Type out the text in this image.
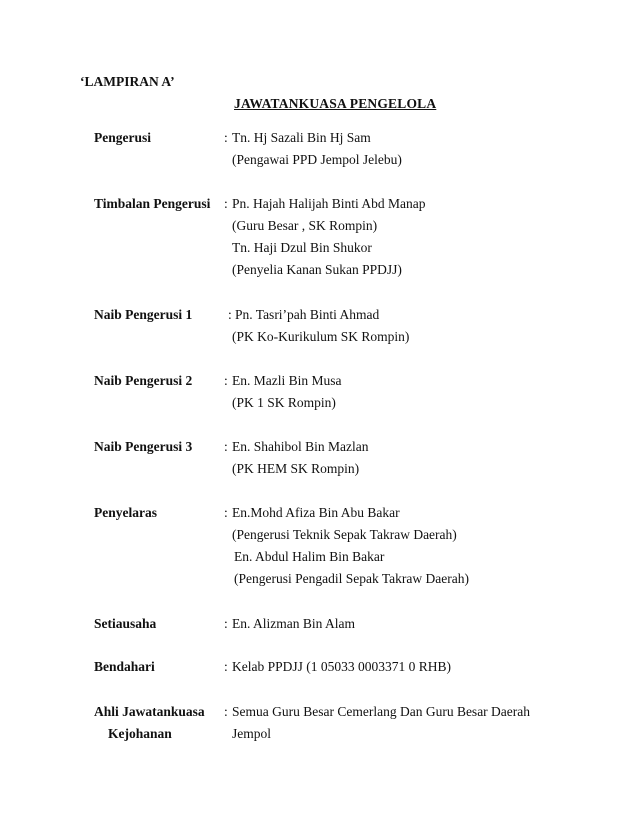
‘LAMPIRAN A’
JAWATANKUASA PENGELOLA
Pengerusi	: Tn. Hj Sazali Bin Hj Sam
(Pengawai PPD Jempol Jelebu)
Timbalan Pengerusi : Pn. Hajah Halijah Binti Abd Manap
(Guru Besar , SK Rompin)
Tn. Haji Dzul Bin Shukor
(Penyelia Kanan Sukan PPDJJ)
Naib Pengerusi 1	: Pn. Tasri’pah Binti Ahmad
(PK Ko-Kurikulum SK Rompin)
Naib Pengerusi 2 : En. Mazli Bin Musa
(PK 1 SK Rompin)
Naib Pengerusi 3 : En. Shahibol Bin Mazlan
(PK HEM SK Rompin)
Penyelaras	: En.Mohd Afiza Bin Abu Bakar
(Pengerusi Teknik Sepak Takraw Daerah)
En. Abdul Halim Bin Bakar
(Pengerusi Pengadil Sepak Takraw Daerah)
Setiausaha	: En. Alizman Bin Alam
Bendahari	: Kelab PPDJJ (1 05033 0003371 0 RHB)
Ahli Jawatankuasa
Kejohanan
: Semua Guru Besar Cemerlang Dan Guru Besar Daerah
Jempol
